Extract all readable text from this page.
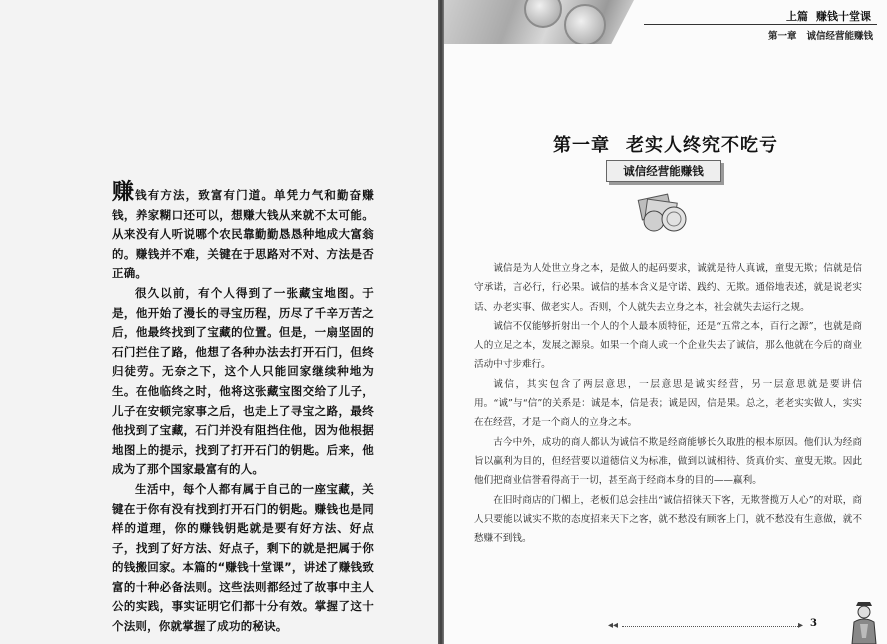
赚钱有方法，致富有门道。单凭力气和勤奋赚钱，养家糊口还可以，想赚大钱从来就不太可能。从来没有人听说哪个农民靠勤勤恳恳种地成大富翁的。赚钱并不难，关键在于思路对不对、方法是否正确。

很久以前，有个人得到了一张藏宝地图。于是，他开始了漫长的寻宝历程，历尽了千辛万苦之后，他最终找到了宝藏的位置。但是，一扇坚固的石门拦住了路，他想了各种办法去打开石门，但终归徒劳。无奈之下，这个人只能回家继续种地为生。在他临终之时，他将这张藏宝图交给了儿子，儿子在安顿完家事之后，也走上了寻宝之路，最终他找到了宝藏，石门并没有阻挡住他，因为他根据地图上的提示，找到了打开石门的钥匙。后来，他成为了那个国家最富有的人。

生活中，每个人都有属于自己的一座宝藏，关键在于你有没有找到打开石门的钥匙。赚钱也是同样的道理，你的赚钱钥匙就是要有好方法、好点子，找到了好方法、好点子，剩下的就是把属于你的钱搬回家。本篇的“赚钱十堂课”，讲述了赚钱致富的十种必备法则。这些法则都经过了故事中主人公的实践，事实证明它们都十分有效。掌握了这十个法则，你就掌握了成功的秘诀。

上篇 赚钱十堂课
第一章 诚信经营能赚钱
第一章 老实人终究不吃亏
诚信经营能赚钱

诚信是为人处世立身之本，是做人的起码要求，诚就是待人真诚，童叟无欺；信就是信守承诺，言必行，行必果。诚信的基本含义是守诺、践约、无欺。通俗地表述，就是说老实话、办老实事、做老实人。否则，个人就失去立身之本，社会就失去运行之规。

诚信不仅能够折射出一个人的个人最本质特征，还是“五常之本，百行之源”，也就是商人的立足之本，发展之源泉。如果一个商人或一个企业失去了诚信，那么他就在今后的商业活动中寸步难行。

诚信，其实包含了两层意思，一层意思是诚实经营，另一层意思就是要讲信用。“诚”与“信”的关系是：诚是本，信是表；诚是因，信是果。总之，老老实实做人，实实在在经营，才是一个商人的立身之本。

古今中外，成功的商人都认为诚信不欺是经商能够长久取胜的根本原因。他们认为经商旨以赢利为目的，但经营要以道德信义为标准，做到以诚相待、货真价实、童叟无欺。因此他们把商业信誉看得高于一切，甚至高于经商本身的目的——赢利。

在旧时商店的门楣上，老板们总会挂出“诚信招徕天下客，无欺誉揽万人心”的对联，商人只要能以诚实不欺的态度招来天下之客，就不愁没有顾客上门，就不愁没有生意做，就不愁赚不到钱。

◂◂	▸ 3
